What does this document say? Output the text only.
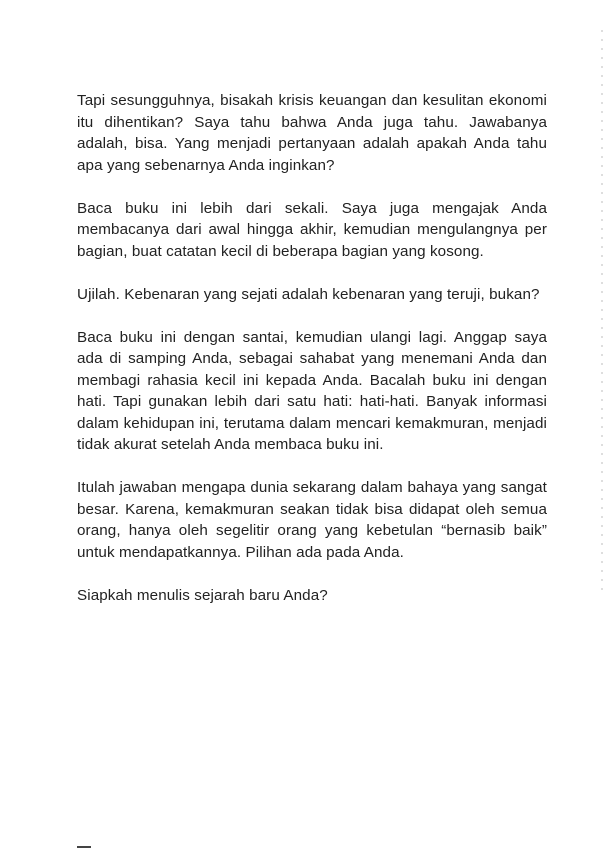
Tapi sesungguhnya, bisakah krisis keuangan dan kesulitan ekonomi itu dihentikan? Saya tahu bahwa Anda juga tahu. Jawabanya adalah, bisa. Yang menjadi pertanyaan adalah apakah Anda tahu apa yang sebenarnya Anda inginkan?

Baca buku ini lebih dari sekali. Saya juga mengajak Anda membacanya dari awal hingga akhir, kemudian mengulangnya per bagian, buat catatan kecil di beberapa bagian yang kosong.

Ujilah. Kebenaran yang sejati adalah kebenaran yang teruji, bukan?

Baca buku ini dengan santai, kemudian ulangi lagi. Anggap saya ada di samping Anda, sebagai sahabat yang menemani Anda dan membagi rahasia kecil ini kepada Anda. Bacalah buku ini dengan hati. Tapi gunakan lebih dari satu hati: hati-hati. Banyak informasi dalam kehidupan ini, terutama dalam mencari kemakmuran, menjadi tidak akurat setelah Anda membaca buku ini.

Itulah jawaban mengapa dunia sekarang dalam bahaya yang sangat besar. Karena, kemakmuran seakan tidak bisa didapat oleh semua orang, hanya oleh segelitir orang yang kebetulan “bernasib baik” untuk mendapatkannya. Pilihan ada pada Anda.

Siapkah menulis sejarah baru Anda?
